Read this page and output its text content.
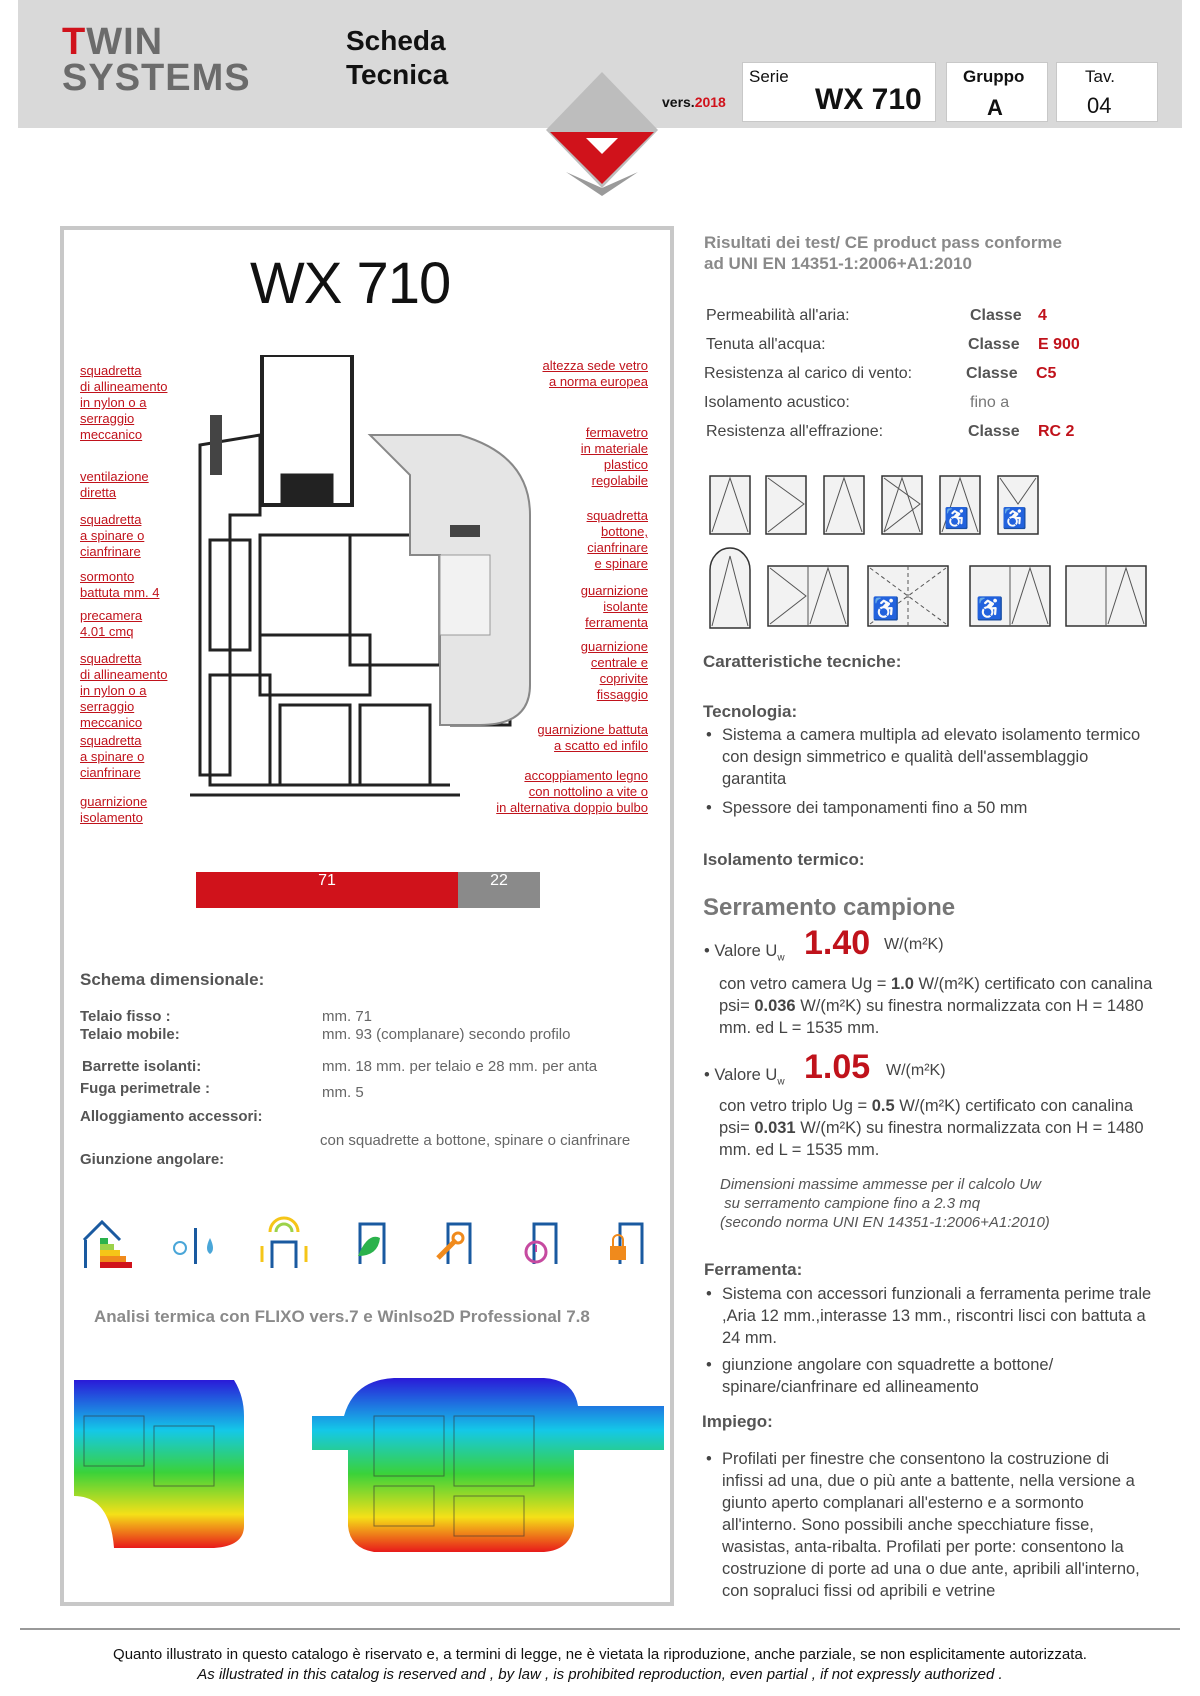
TWIN
SYSTEMS
Scheda
Tecnica
vers.2018
Serie
WX 710
Gruppo
A
Tav.
04
WX 710
squadretta
di allineamento
in nylon o a
serraggio
meccanico
ventilazione
diretta
squadretta
a spinare o
cianfrinare
sormonto
battuta mm. 4
precamera
4.01 cmq
squadretta
di allineamento
in nylon o a
serraggio
meccanico
squadretta
a spinare o
cianfrinare
guarnizione
isolamento
altezza sede vetro
a norma europea
fermavetro
in materiale
plastico
regolabile
squadretta
bottone,
cianfrinare
e spinare
guarnizione
isolante
ferramenta
guarnizione
centrale e
coprivite
fissaggio
guarnizione battuta
a scatto ed infilo
accoppiamento legno
con nottolino a vite o
in alternativa doppio bulbo
71	22
Schema dimensionale:
Telaio fisso :	mm. 71
Telaio mobile:	mm. 93 (complanare) secondo profilo
Barrette isolanti:	mm. 18 mm. per telaio e 28 mm. per anta
Fuga perimetrale :	mm. 5
Alloggiamento accessori:
con squadrette a bottone, spinare o cianfrinare
Giunzione angolare:
Analisi termica con FLIXO vers.7 e WinIso2D Professional 7.8
Risultati dei test/ CE product pass conforme
ad UNI EN 14351-1:2006+A1:2010
Permeabilità all'aria:	Classe 4
Tenuta all'acqua:	Classe E 900
Resistenza al carico di vento:	Classe C5
Isolamento acustico:	fino a
Resistenza all'effrazione:	Classe RC 2
♿ ♿
♿	♿
Caratteristiche tecniche:
Tecnologia:
• Sistema a camera multipla ad elevato isolamento termico con design simmetrico e qualità dell'assemblaggio garantita
• Spessore dei tamponamenti fino a 50 mm
Isolamento termico:
Serramento campione
• Valore $U_w$ 1.40 W/(m²K)
con vetro camera Ug = 1.0 W/(m²K) certificato con canalina psi= 0.036 W/(m²K) su finestra normalizzata con H = 1480 mm. ed L = 1535 mm.
• Valore $U_w$ 1.05 W/(m²K)
con vetro triplo Ug = 0.5 W/(m²K) certificato con canalina psi= 0.031 W/(m²K) su finestra normalizzata con H = 1480 mm. ed L = 1535 mm.
Dimensioni massime ammesse per il calcolo Uw
su serramento campione fino a 2.3 mq
(secondo norma UNI EN 14351-1:2006+A1:2010)
Ferramenta:
• Sistema con accessori funzionali a ferramenta perime trale ,Aria 12 mm.,interasse 13 mm., riscontri lisci con battuta a 24 mm.
• giunzione angolare con squadrette a bottone/ spinare/cianfrinare ed allineamento
Impiego:
• Profilati per finestre che consentono la costruzione di infissi ad una, due o più ante a battente, nella versione a giunto aperto complanari all'esterno e a sormonto all'interno. Sono possibili anche specchiature fisse, wasistas, anta-ribalta. Profilati per porte: consentono la costruzione di porte ad una o due ante, apribili all'interno, con sopraluci fissi od apribili e vetrine
Quanto illustrato in questo catalogo è riservato e, a termini di legge, ne è vietata la riproduzione, anche parziale, se non esplicitamente autorizzata.
As illustrated in this catalog is reserved and , by law , is prohibited reproduction, even partial , if not expressly authorized .
